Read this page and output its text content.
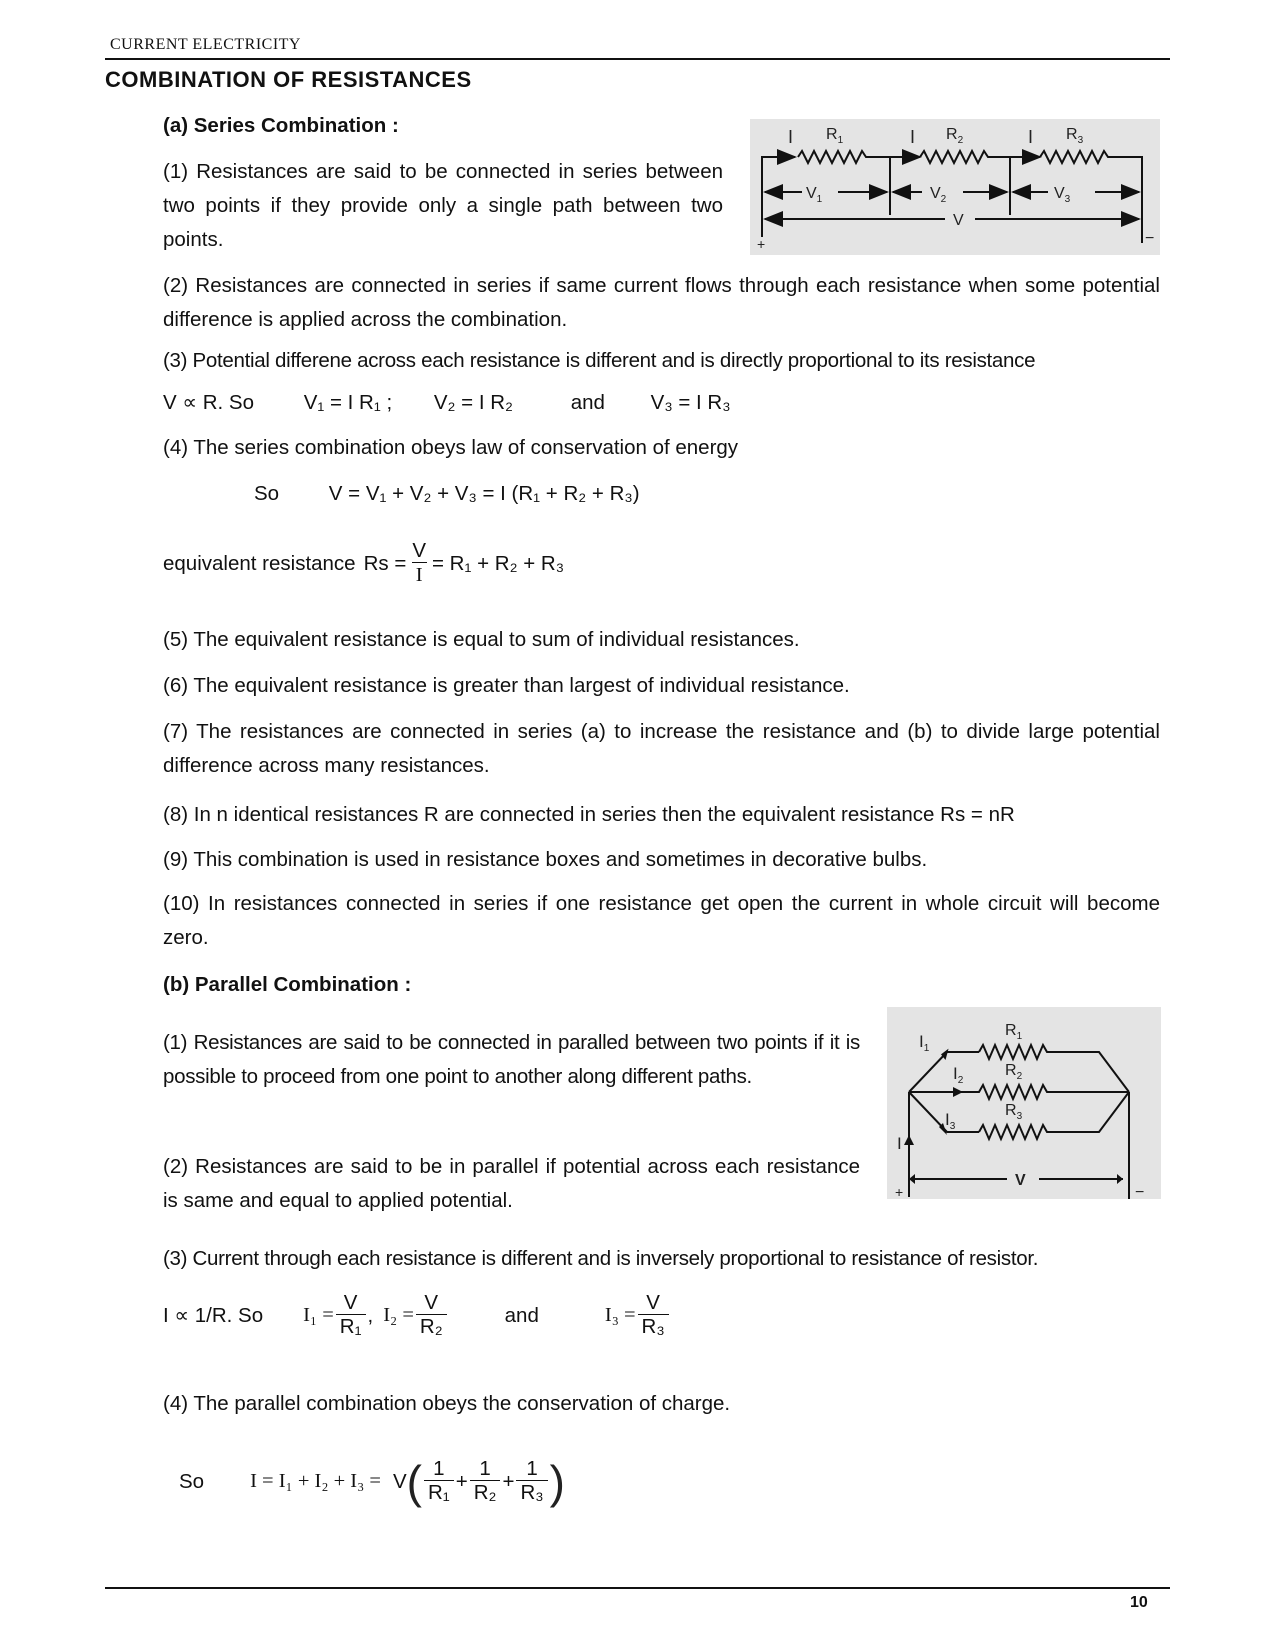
CURRENT ELECTRICITY
COMBINATION OF RESISTANCES
(a) Series Combination :
(1) Resistances are said to be connected in series between two points if they provide only a single path between two points.
I	I	I
$R_1$	$R_2$	$R_3$
$V_1$	$V_2$	$V_3$
V
+	−
(2) Resistances are connected in series if same current flows through each resistance when some potential difference is applied across the combination.
(3) Potential differene across each resistance is different and is directly proportional to its resistance
V ∝ R. So V₁ = I R₁ ; V₂ = I R₂	and V₃ = I R₃
(4) The series combination obeys law of conservation of energy
So V = V₁ + V₂ + V₃ = I (R₁ + R₂ + R₃)
equivalent resistance $Rs = \frac{V}{I} = R_1 + R_2 + R_3$
(5) The equivalent resistance is equal to sum of individual resistances.
(6) The equivalent resistance is greater than largest of individual resistance.
(7) The resistances are connected in series (a) to increase the resistance and (b) to divide large potential difference across many resistances.
(8) In n identical resistances R are connected in series then the equivalent resistance Rs = nR
(9) This combination is used in resistance boxes and sometimes in decorative bulbs.
(10) In resistances connected in series if one resistance get open the current in whole circuit will become zero.
(b) Parallel Combination :
(1) Resistances are said to be connected in paralled between two points if it is possible to proceed from one point to another along different paths.
(2) Resistances are said to be in parallel if potential across each resistance is same and equal to applied potential.
$I_1$
$I_2$
$I_3$
I
$R_1$
$R_2$
$R_3$
V
+	−
(3) Current through each resistance is different and is inversely proportional to resistance of resistor.
I ∝ 1/R. So $I_1 = \frac{V}{\text{R₁}}$ , $I_2 = \frac{V}{\text{R₂}}$	and	$I_3 = \frac{V}{\text{R₃}}$
(4) The parallel combination obeys the conservation of charge.
So I = I₁ + I₂ + I₃ = V ( $\frac{1}{\text{R₁}} + \frac{1}{\text{R₂}} + \frac{1}{\text{R₃}}$ )
10
